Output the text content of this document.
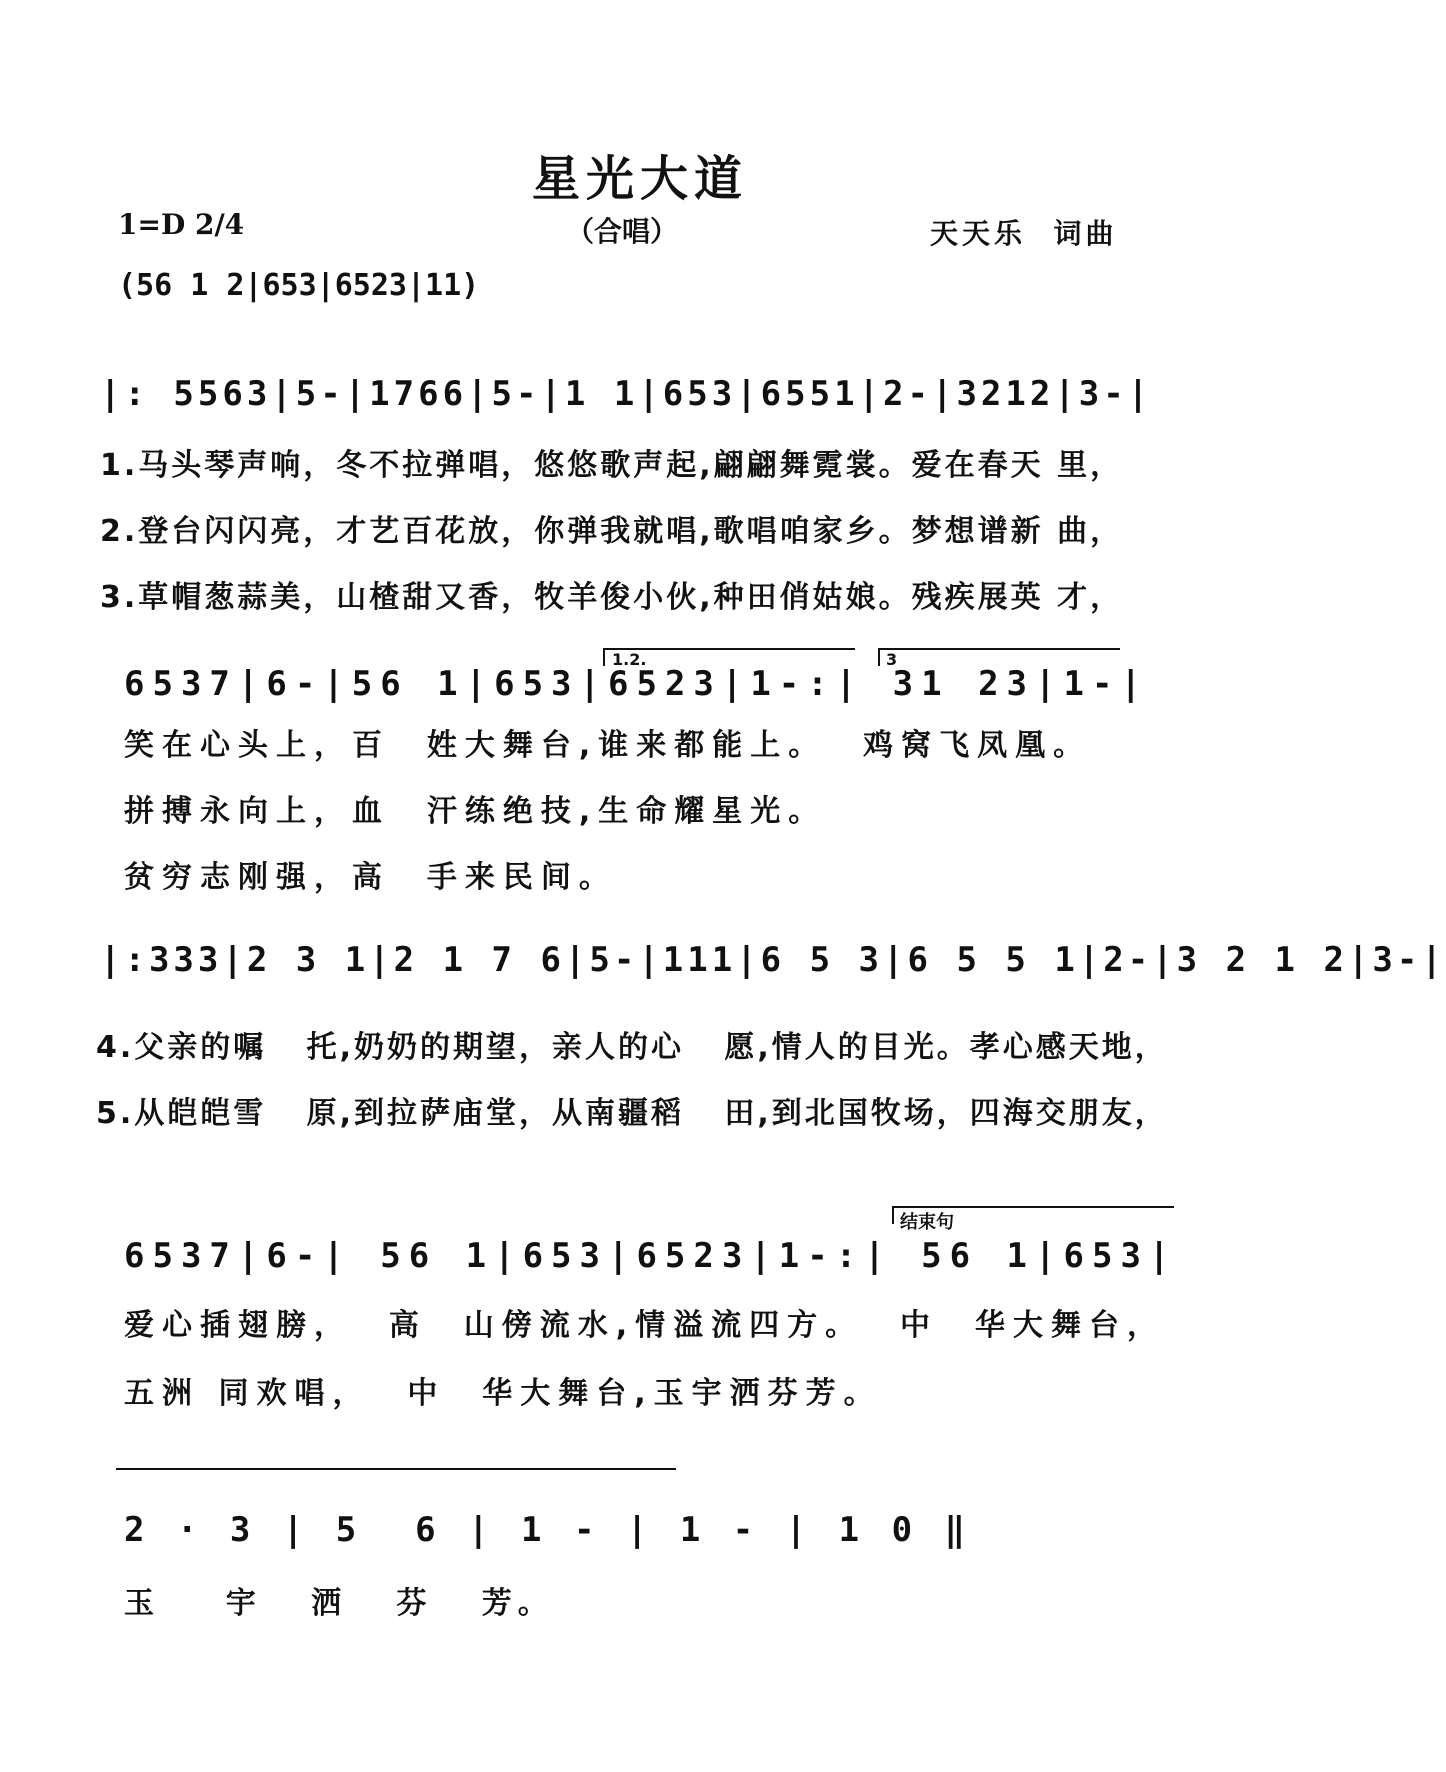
星光大道
1=D 2/4	（合唱）	天天乐  词曲
(56 1 2|653|6523|11)
|: 5563|5-|1766|5-|1 1|653|6551|2-|3212|3-|
1.马头琴声响，冬不拉弹唱，悠悠歌声起,翩翩舞霓裳。爱在春天 里，
2.登台闪闪亮，才艺百花放，你弹我就唱,歌唱咱家乡。梦想谱新 曲，
3.草帽葱蒜美，山楂甜又香，牧羊俊小伙,种田俏姑娘。残疾展英 才，
1.2.	3
6537|6-|56 1|653|6523|1-:| 31 23|1-|
笑在心头上，百  姓大舞台,谁来都能上。  鸡窝飞凤凰。
拼搏永向上，血  汗练绝技,生命耀星光。
贫穷志刚强，高  手来民间。
|:333|2 3 1|2 1 7 6|5-|111|6 5 3|6 5 5 1|2-|3 2 1 2|3-|
4.父亲的嘱   托,奶奶的期望，亲人的心   愿,情人的目光。孝心感天地，
5.从皑皑雪   原,到拉萨庙堂，从南疆稻   田,到北国牧场，四海交朋友，
结束句
6537|6-| 56 1|653|6523|1-:| 56 1|653|
爱心插翅膀，  高  山傍流水,情溢流四方。  中  华大舞台，
五洲 同欢唱，  中  华大舞台,玉宇洒芬芳。
2 · 3 | 5  6 | 1 - | 1 - | 1 0 ‖
玉    宇   洒   芬   芳。
